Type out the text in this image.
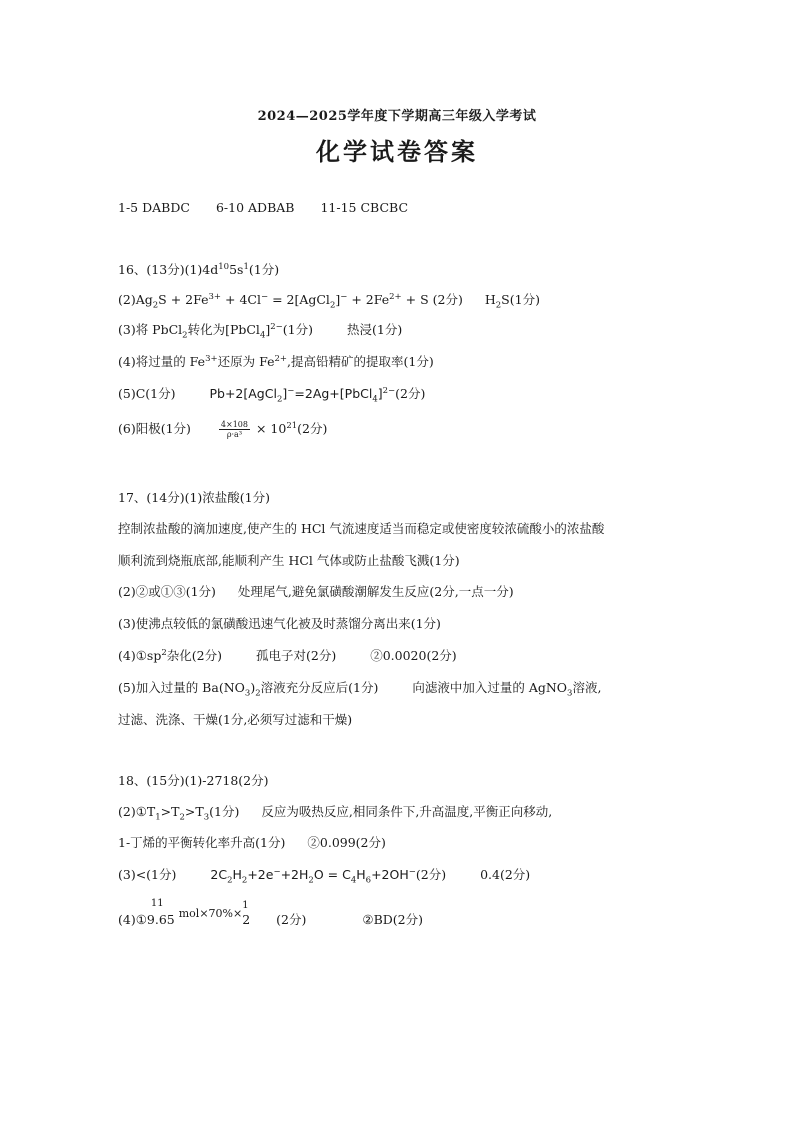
2024—2025学年度下学期高三年级入学考试
化学试卷答案
1-5 DABDC 6-10 ADBAB 11-15 CBCBC
16、(13分)$(1)4d^{10}5s^1(1$分)
$(2)Ag_2S + 2Fe^{3+} + 4Cl^-$ = 2[AgCl$_2$]− + $2Fe^{2+} + S$ (2分) $H_2S(1$分)
(3)将 PbCl$_2$转化为[PbCl$_4$]$^{2-}$(1分)	热浸(1分)
(4)将过量的 $Fe^{3+}$还原为 $Fe^{2+}$,提高铅精矿的提取率(1分)
(5)C(1分)	Pb+2[AgCl$_2$]−=2Ag+[PbCl$_4$]$^{2-}$(2分)
(6)阳极(1分)	$\frac{4\times 108}{\text{ρ·a³}} \times 10^{21}(2$分)
17、(14分)(1)浓盐酸(1分)
控制浓盐酸的滴加速度,使产生的 HCl 气流速度适当而稳定或使密度较浓硫酸小的浓盐酸
顺利流到烧瓶底部,能顺利产生 HCl 气体或防止盐酸飞溅(1分)
(2)②或①③(1分) 处理尾气,避免氯磺酸潮解发生反应(2分,一点一分)
(3)使沸点较低的氯磺酸迅速气化被及时蒸馏分离出来(1分)
$(4)①sp^2$杂化(2分)	孤电子对(2分)	②0.0020(2分)
(5)加入过量的 $Ba(NO_3)_2$溶液充分反应后(1分)	向滤液中加入过量的 AgNO$_3$溶液,
过滤、洗涤、干燥(1分,必须写过滤和干燥)
18、(15分)(1)-2718(2分)
$(2)①T_1>T_2>T_3(1$分) 反应为吸热反应,相同条件下,升高温度,平衡正向移动,
1-丁烯的平衡转化率升高(1分) ②0.099(2分)
(3)<(1分)	$2C_2H_2+2e^-+2H_2O = C_4H_6+2OH^-(2$分)	0.4(2分)
(4)①
11
9.65 mol×70%×
1
2 (2分)	②BD(2分)
